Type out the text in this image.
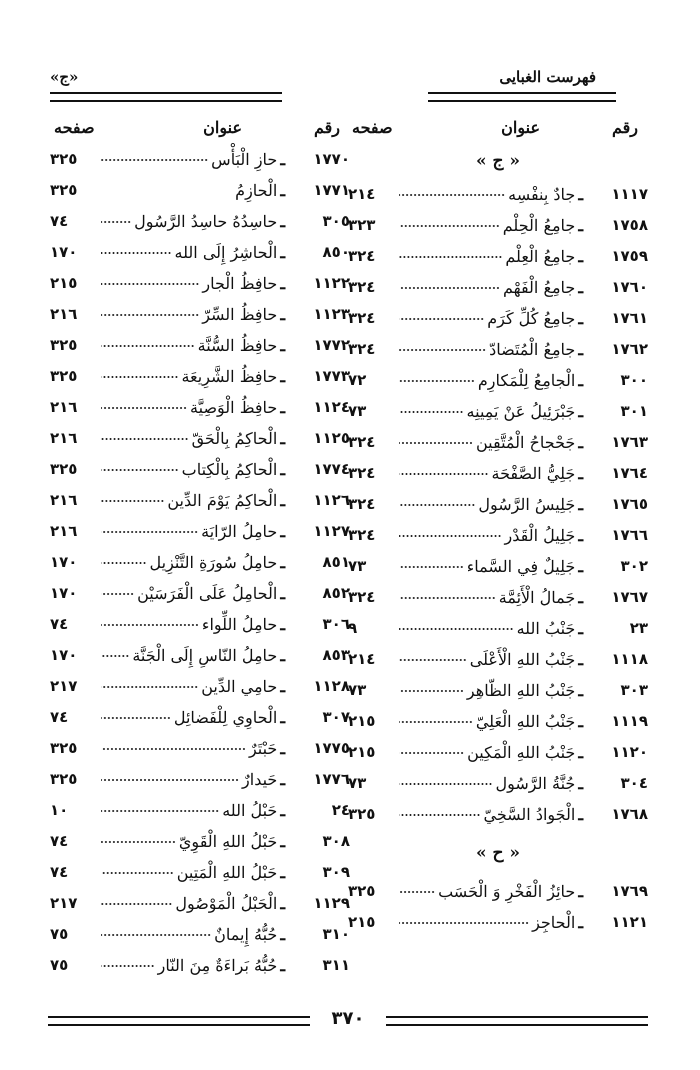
فهرست الغبايى
«ج»
رقم
عنوان
صفحه
« ج »
١١١٧
ـ
جادٌ بِنفْسِه
٢١٤
١٧٥٨
ـ
جامِعُ الْحِلْم
٣٢٣
١٧٥٩
ـ
جامِعُ الْعِلْم
٣٢٤
١٧٦٠
ـ
جامِعُ الْفَهْم
٣٢٤
١٧٦١
ـ
جامِعُ كُلِّ كَرَم
٣٢٤
١٧٦٢
ـ
جامِعُ الْمُتَضادّ
٣٢٤
٣٠٠
ـ
الْجامِعُ لِلْمَكارِم
٧٢
٣٠١
ـ
جَبْرَئِيلُ عَنْ يَمِينِه
٧٣
١٧٦٣
ـ
جَحْجاحُ الْمُتَّقِين
٣٢٤
١٧٦٤
ـ
جَلِيُّ الصَّفْحَة
٣٢٤
١٧٦٥
ـ
جَلِيسُ الرَّسُول
٣٢٤
١٧٦٦
ـ
جَلِيلُ الْقَدْر
٣٢٤
٣٠٢
ـ
جَلِيلٌ فِي السَّماء
٧٣
١٧٦٧
ـ
جَمالُ الْأَئِمَّة
٣٢٤
٢٣
ـ
جَنْبُ الله
٩
١١١٨
ـ
جَنْبُ اللهِ الْأَعْلَى
٢١٤
٣٠٣
ـ
جَنْبُ اللهِ الظّاهِر
٧٣
١١١٩
ـ
جَنْبُ اللهِ الْعَلِيّ
٢١٥
١١٢٠
ـ
جَنْبُ اللهِ الْمَكِين
٢١٥
٣٠٤
ـ
جُنَّةُ الرَّسُول
٧٣
١٧٦٨
ـ
الْجَوادُ السَّخِيّ
٣٢٥
« ح »
١٧٦٩
ـ
حائِزُ الْفَخْرِ وَ الْحَسَب
٣٢٥
١١٢١
ـ
الْحاجِز
٢١٥
رقم
عنوان
صفحه
١٧٧٠
ـ
حازِ الْبَأْس
٣٢٥
١٧٧١
ـ
الْحازِمُ
٣٢٥
٣٠٥
ـ
حاسِدُهُ حاسِدُ الرَّسُول
٧٤
٨٥٠
ـ
الْحاشِرُ إِلَى الله
١٧٠
١١٢٢
ـ
حافِظُ الْجار
٢١٥
١١٢٣
ـ
حافِظُ السِّرّ
٢١٦
١٧٧٢
ـ
حافِظُ السُّنَّة
٣٢٥
١٧٧٣
ـ
حافِظُ الشَّرِيعَة
٣٢٥
١١٢٤
ـ
حافِظُ الْوَصِيَّة
٢١٦
١١٢٥
ـ
الْحاكِمُ بِالْحَقّ
٢١٦
١٧٧٤
ـ
الْحاكِمُ بِالْكِتاب
٣٢٥
١١٢٦
ـ
الْحاكِمُ يَوْمَ الدِّين
٢١٦
١١٢٧
ـ
حامِلُ الرّايَة
٢١٦
٨٥١
ـ
حامِلُ سُورَةِ التَّنْزِيل
١٧٠
٨٥٢
ـ
الْحامِلُ عَلَى الْفَرَسَيْن
١٧٠
٣٠٦
ـ
حامِلُ اللِّواء
٧٤
٨٥٣
ـ
حامِلُ النّاسِ إِلَى الْجَنَّة
١٧٠
١١٢٨
ـ
حامِي الدِّين
٢١٧
٣٠٧
ـ
الْحاوِي لِلْفَضائِل
٧٤
١٧٧٥
ـ
حَبْتَرٌ
٣٢٥
١٧٧٦
ـ
حَيدارٌ
٣٢٥
٢٤
ـ
حَبْلُ الله
١٠
٣٠٨
ـ
حَبْلُ اللهِ الْقَوِيّ
٧٤
٣٠٩
ـ
حَبْلُ اللهِ الْمَتِين
٧٤
١١٢٩
ـ
الْحَبْلُ الْمَوْصُول
٢١٧
٣١٠
ـ
حُبُّهُ إِيمانٌ
٧٥
٣١١
ـ
حُبُّهُ بَراءَةٌ مِنَ النّار
٧٥
٣٧٠
